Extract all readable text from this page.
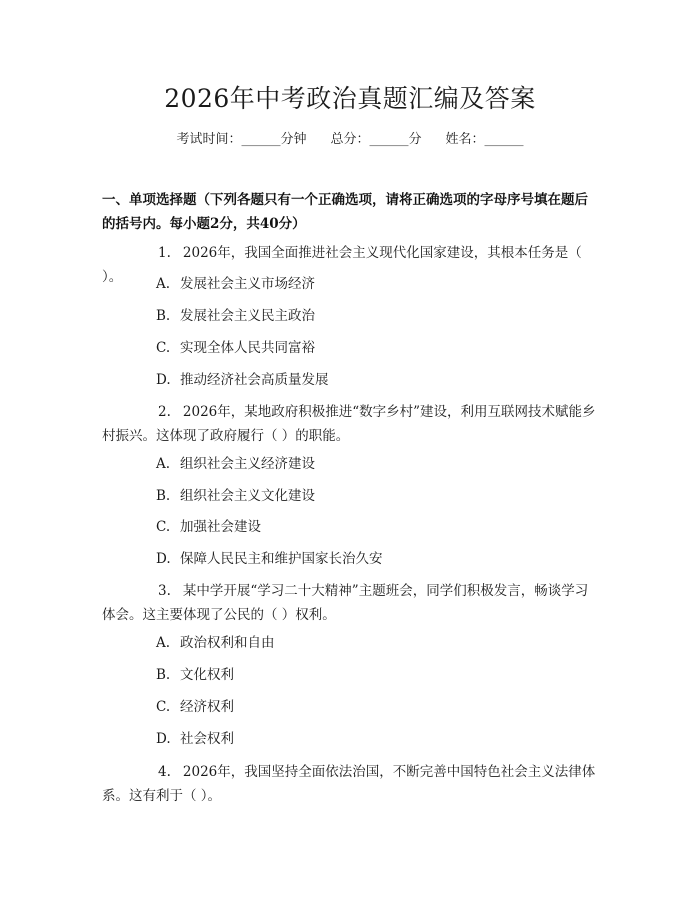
2026年中考政治真题汇编及答案
考试时间：______分钟 总分：______分 姓名：______
一、单项选择题（下列各题只有一个正确选项，请将正确选项的字母序号填在题后的括号内。每小题2分，共40分）
1. 2026年，我国全面推进社会主义现代化国家建设，其根本任务是（ ）。	A. 发展社会主义市场经济
B. 发展社会主义民主政治
C. 实现全体人民共同富裕
D. 推动经济社会高质量发展
2. 2026年，某地政府积极推进“数字乡村”建设，利用互联网技术赋能乡村振兴。这体现了政府履行（ ）的职能。
A. 组织社会主义经济建设
B. 组织社会主义文化建设
C. 加强社会建设
D. 保障人民民主和维护国家长治久安
3. 某中学开展“学习二十大精神”主题班会，同学们积极发言，畅谈学习体会。这主要体现了公民的（ ）权利。
A. 政治权利和自由
B. 文化权利
C. 经济权利
D. 社会权利
4. 2026年，我国坚持全面依法治国，不断完善中国特色社会主义法律体系。这有利于（ ）。
